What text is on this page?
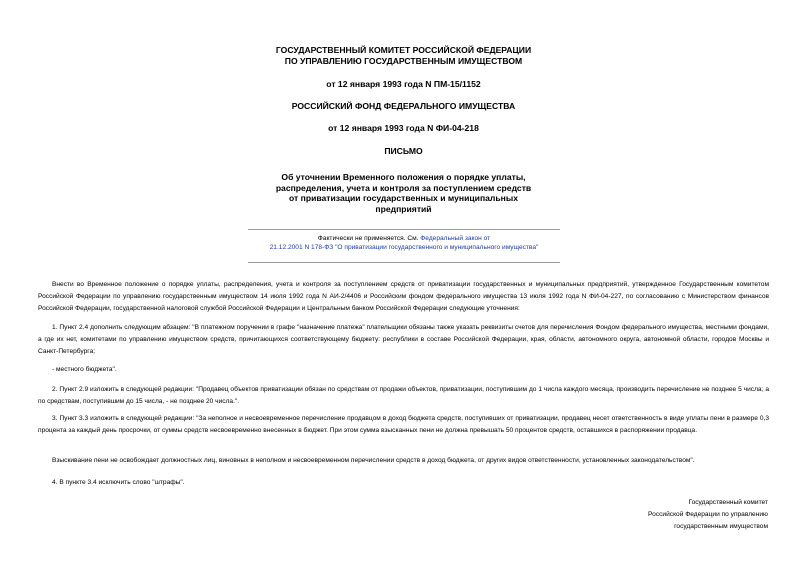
ГОСУДАРСТВЕННЫЙ КОМИТЕТ РОССИЙСКОЙ ФЕДЕРАЦИИ
ПО УПРАВЛЕНИЮ ГОСУДАРСТВЕННЫМ ИМУЩЕСТВОМ
от 12 января 1993 года N ПМ-15/1152
РОССИЙСКИЙ ФОНД ФЕДЕРАЛЬНОГО ИМУЩЕСТВА
от 12 января 1993 года N ФИ-04-218
ПИСЬМО
Об уточнении Временного положения о порядке уплаты,
распределения, учета и контроля за поступлением средств
от приватизации государственных и муниципальных
предприятий
Фактически не применяется. См. Федеральный закон от
21.12.2001 N 178-ФЗ "О приватизации государственного и муниципального имущества"
Внести во Временное положение о порядке уплаты, распределения, учета и контроля за поступлением средств от приватизации государственных и муниципальных предприятий, утвержденное Государственным комитетом Российской Федерации по управлению государственным имуществом 14 июля 1992 года N АИ-2/4406 и Российским фондом федерального имущества 13 июля 1992 года N ФИ-04-227, по согласованию с Министерством финансов Российской Федерации, государственной налоговой службой Российской Федерации и Центральным банком Российской Федерации следующие уточнения:
1. Пункт 2.4 дополнить следующим абзацем: "В платежном поручении в графе "назначение платежа" плательщики обязаны также указать реквизиты счетов для перечисления Фондом федерального имущества, местными фондами, а где их нет, комитетами по управлению имуществом средств, причитающихся соответствующему бюджету: республики в составе Российской Федерации, края, области, автономного округа, автономной области, городов Москвы и Санкт-Петербурга;
- местного бюджета".
2. Пункт 2.9 изложить в следующей редакции: "Продавец объектов приватизации обязан по средствам от продажи объектов, приватизации, поступившим до 1 числа каждого месяца, производить перечисление не позднее 5 числа; а по средствам, поступившим до 15 числа, - не позднее 20 числа.".
3. Пункт 3.3 изложить в следующей редакции: "За неполное и несвоевременное перечисление продавцом в доход бюджета средств, поступивших от приватизации, продавец несет ответственность в виде уплаты пени в размере 0,3 процента за каждый день просрочки, от суммы средств несвоевременно внесенных в бюджет. При этом сумма взысканных пени не должна превышать 50 процентов средств, оставшихся в распоряжении продавца.
Взыскивание пени не освобождает должностных лиц, виновных в неполном и несвоевременном перечислении средств в доход бюджета, от других видов ответственности, установленных законодательством".
4. В пункте 3.4 исключить слово "штрафы".
Государственный комитет
Российской Федерации по управлению
государственным имуществом
